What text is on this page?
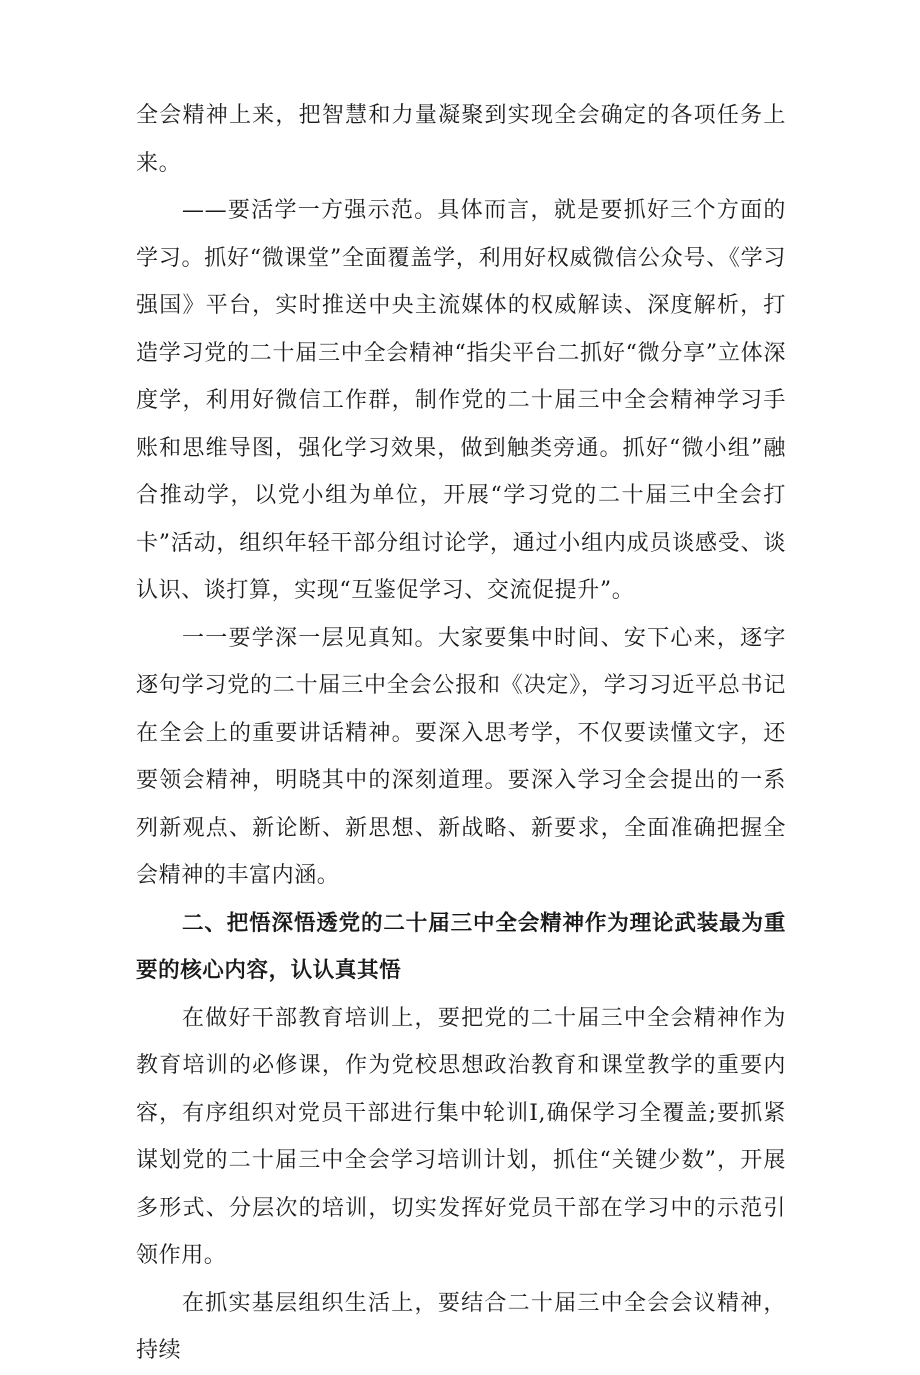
全会精神上来，把智慧和力量凝聚到实现全会确定的各项任务上来。

——要活学一方强示范。具体而言，就是要抓好三个方面的学习。抓好“微课堂”全面覆盖学，利用好权威微信公众号、《学习强国》平台，实时推送中央主流媒体的权威解读、深度解析，打造学习党的二十届三中全会精神“指尖平台二抓好“微分享”立体深度学，利用好微信工作群，制作党的二十届三中全会精神学习手账和思维导图，强化学习效果，做到触类旁通。抓好“微小组”融合推动学，以党小组为单位，开展“学习党的二十届三中全会打卡”活动，组织年轻干部分组讨论学，通过小组内成员谈感受、谈认识、谈打算，实现“互鉴促学习、交流促提升”。

一一要学深一层见真知。大家要集中时间、安下心来，逐字逐句学习党的二十届三中全会公报和《决定》，学习习近平总书记在全会上的重要讲话精神。要深入思考学，不仅要读懂文字，还要领会精神，明晓其中的深刻道理。要深入学习全会提出的一系列新观点、新论断、新思想、新战略、新要求，全面准确把握全会精神的丰富内涵。

二、把悟深悟透党的二十届三中全会精神作为理论武装最为重要的核心内容，认认真其悟

在做好干部教育培训上，要把党的二十届三中全会精神作为教育培训的必修课，作为党校思想政治教育和课堂教学的重要内容，有序组织对党员干部进行集中轮训I,确保学习全覆盖;要抓紧谋划党的二十届三中全会学习培训计划，抓住“关键少数”，开展多形式、分层次的培训，切实发挥好党员干部在学习中的示范引领作用。

在抓实基层组织生活上，要结合二十届三中全会会议精神，持续
